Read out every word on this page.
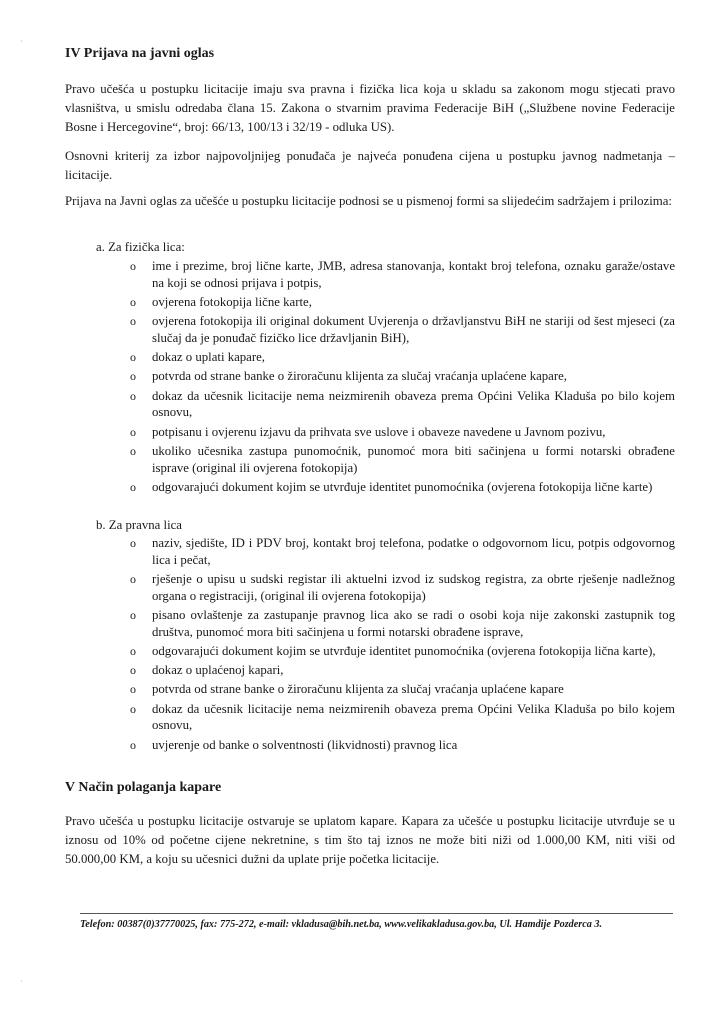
·
·
IV Prijava na javni oglas

Pravo učešća u postupku licitacije imaju sva pravna i fizička lica koja u skladu sa zakonom mogu stjecati pravo vlasništva, u smislu odredaba člana 15. Zakona o stvarnim pravima Federacije BiH („Službene novine Federacije Bosne i Hercegovine“, broj: 66/13, 100/13 i 32/19 - odluka US).

Osnovni kriterij za izbor najpovoljnijeg ponuđača je najveća ponuđena cijena u postupku javnog nadmetanja – licitacije.

Prijava na Javni oglas za učešće u postupku licitacije podnosi se u pismenoj formi sa slijedećim sadržajem i prilozima:

a. Za fizička lica:

o ime i prezime, broj lične karte, JMB, adresa stanovanja, kontakt broj telefona, oznaku garaže/ostave na koji se odnosi prijava i potpis,
o ovjerena fotokopija lične karte,
o ovjerena fotokopija ili original dokument Uvjerenja o državljanstvu BiH ne stariji od šest mjeseci (za slučaj da je ponuđač fizičko lice državljanin BiH),
o dokaz o uplati kapare,
o potvrda od strane banke o žiroračunu klijenta za slučaj vraćanja uplaćene kapare,
o dokaz da učesnik licitacije nema neizmirenih obaveza prema Općini Velika Kladuša po bilo kojem osnovu,
o potpisanu i ovjerenu izjavu da prihvata sve uslove i obaveze navedene u Javnom pozivu,
o ukoliko učesnika zastupa punomoćnik, punomoć mora biti sačinjena u formi notarski obrađene isprave (original ili ovjerena fotokopija)
o odgovarajući dokument kojim se utvrđuje identitet punomoćnika (ovjerena fotokopija lične karte)

b. Za pravna lica

o naziv, sjedište, ID i PDV broj, kontakt broj telefona, podatke o odgovornom licu, potpis odgovornog lica i pečat,
o rješenje o upisu u sudski registar ili aktuelni izvod iz sudskog registra, za obrte rješenje nadležnog organa o registraciji, (original ili ovjerena fotokopija)
o pisano ovlaštenje za zastupanje pravnog lica ako se radi o osobi koja nije zakonski zastupnik tog društva, punomoć mora biti sačinjena u formi notarski obrađene isprave,
o odgovarajući dokument kojim se utvrđuje identitet punomoćnika (ovjerena fotokopija lična karte),
o dokaz o uplaćenoj kapari,
o potvrda od strane banke o žiroračunu klijenta za slučaj vraćanja uplaćene kapare
o dokaz da učesnik licitacije nema neizmirenih obaveza prema Općini Velika Kladuša po bilo kojem osnovu,
o uvjerenje od banke o solventnosti (likvidnosti) pravnog lica
V Način polaganja kapare

Pravo učešća u postupku licitacije ostvaruje se uplatom kapare. Kapara za učešće u postupku licitacije utvrđuje se u iznosu od 10% od početne cijene nekretnine, s tim što taj iznos ne može biti niži od 1.000,00 KM, niti viši od 50.000,00 KM, a koju su učesnici dužni da uplate prije početka licitacije.

Telefon: 00387(0)37770025, fax: 775-272, e-mail: vkladusa@bih.net.ba, www.velikakladusa.gov.ba, Ul. Hamdije Pozderca 3.
